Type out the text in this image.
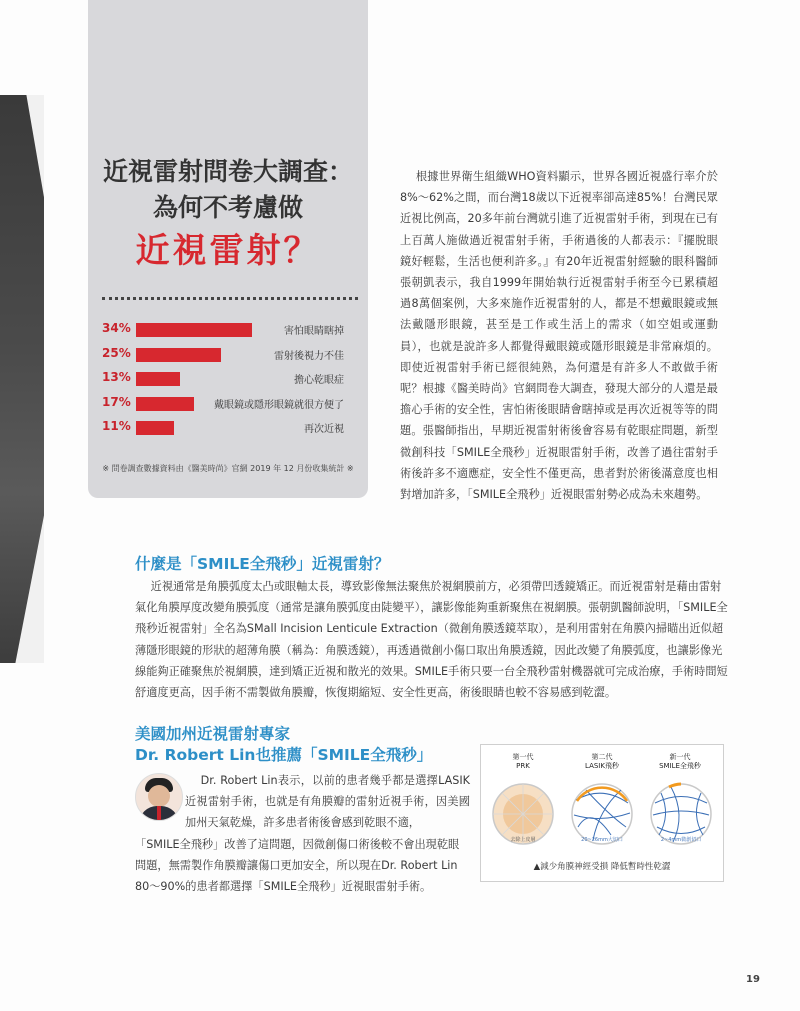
近視雷射問卷大調查：
為何不考慮做
近視雷射？
34%	害怕眼睛瞎掉
25%	雷射後視力不佳
13%	擔心乾眼症
17%	戴眼鏡或隱形眼鏡就很方便了
11%	再次近視
※ 問卷調查數據資料由《醫美時尚》官網 2019 年 12 月份收集統計 ※
根據世界衛生組織WHO資料顯示，世界各國近視盛行率介於8%～62%之間，而台灣18歲以下近視率卻高達85%！台灣民眾近視比例高，20多年前台灣就引進了近視雷射手術，到現在已有上百萬人施做過近視雷射手術，手術過後的人都表示：『擺脫眼鏡好輕鬆，生活也便利許多。』有20年近視雷射經驗的眼科醫師張朝凱表示，我自1999年開始執行近視雷射手術至今已累積超過8萬個案例，大多來施作近視雷射的人，都是不想戴眼鏡或無法戴隱形眼鏡，甚至是工作或生活上的需求（如空姐或運動員），也就是說許多人都覺得戴眼鏡或隱形眼鏡是非常麻煩的。即使近視雷射手術已經很純熟，為何還是有許多人不敢做手術呢？根據《醫美時尚》官網問卷大調查，發現大部分的人還是最擔心手術的安全性，害怕術後眼睛會瞎掉或是再次近視等等的問題。張醫師指出，早期近視雷射術後會容易有乾眼症問題，新型微創科技「SMILE全飛秒」近視眼雷射手術，改善了過往雷射手術後許多不適應症，安全性不僅更高，患者對於術後滿意度也相對增加許多，「SMILE全飛秒」近視眼雷射勢必成為未來趨勢。
什麼是「SMILE全飛秒」近視雷射？

近視通常是角膜弧度太凸或眼軸太長，導致影像無法聚焦於視網膜前方，必須帶凹透鏡矯正。而近視雷射是藉由雷射氣化角膜厚度改變角膜弧度（通常是讓角膜弧度由陡變平），讓影像能夠重新聚焦在視網膜。張朝凱醫師說明，「SMILE全飛秒近視雷射」全名為SMall Incision Lenticule Extraction（微創角膜透鏡萃取），是利用雷射在角膜內掃瞄出近似超薄隱形眼鏡的形狀的超薄角膜（稱為：角膜透鏡），再透過微創小傷口取出角膜透鏡，因此改變了角膜弧度，也讓影像光線能夠正確聚焦於視網膜，達到矯正近視和散光的效果。SMILE手術只要一台全飛秒雷射機器就可完成治療，手術時間短舒適度更高，因手術不需製做角膜瓣，恢復期縮短、安全性更高，術後眼睛也較不容易感到乾澀。

美國加州近視雷射專家
Dr. Robert Lin也推薦「SMILE全飛秒」
Dr. Robert Lin表示，以前的患者幾乎都是選擇LASIK近視雷射手術，也就是有角膜瓣的雷射近視手術，因美國加州天氣乾燥，許多患者術後會感到乾眼不適，
「SMILE全飛秒」改善了這問題，因微創傷口術後較不會出現乾眼問題，無需製作角膜瓣讓傷口更加安全，所以現在Dr. Robert Lin 80～90%的患者都選擇「SMILE全飛秒」近視眼雷射手術。
第一代
PRK
第二代
LASIK飛秒
新一代
SMILE全飛秒
去除上皮層	20~26mm大切口	2~4mm微創切口
▲減少角膜神經受損 降低暫時性乾澀
19
